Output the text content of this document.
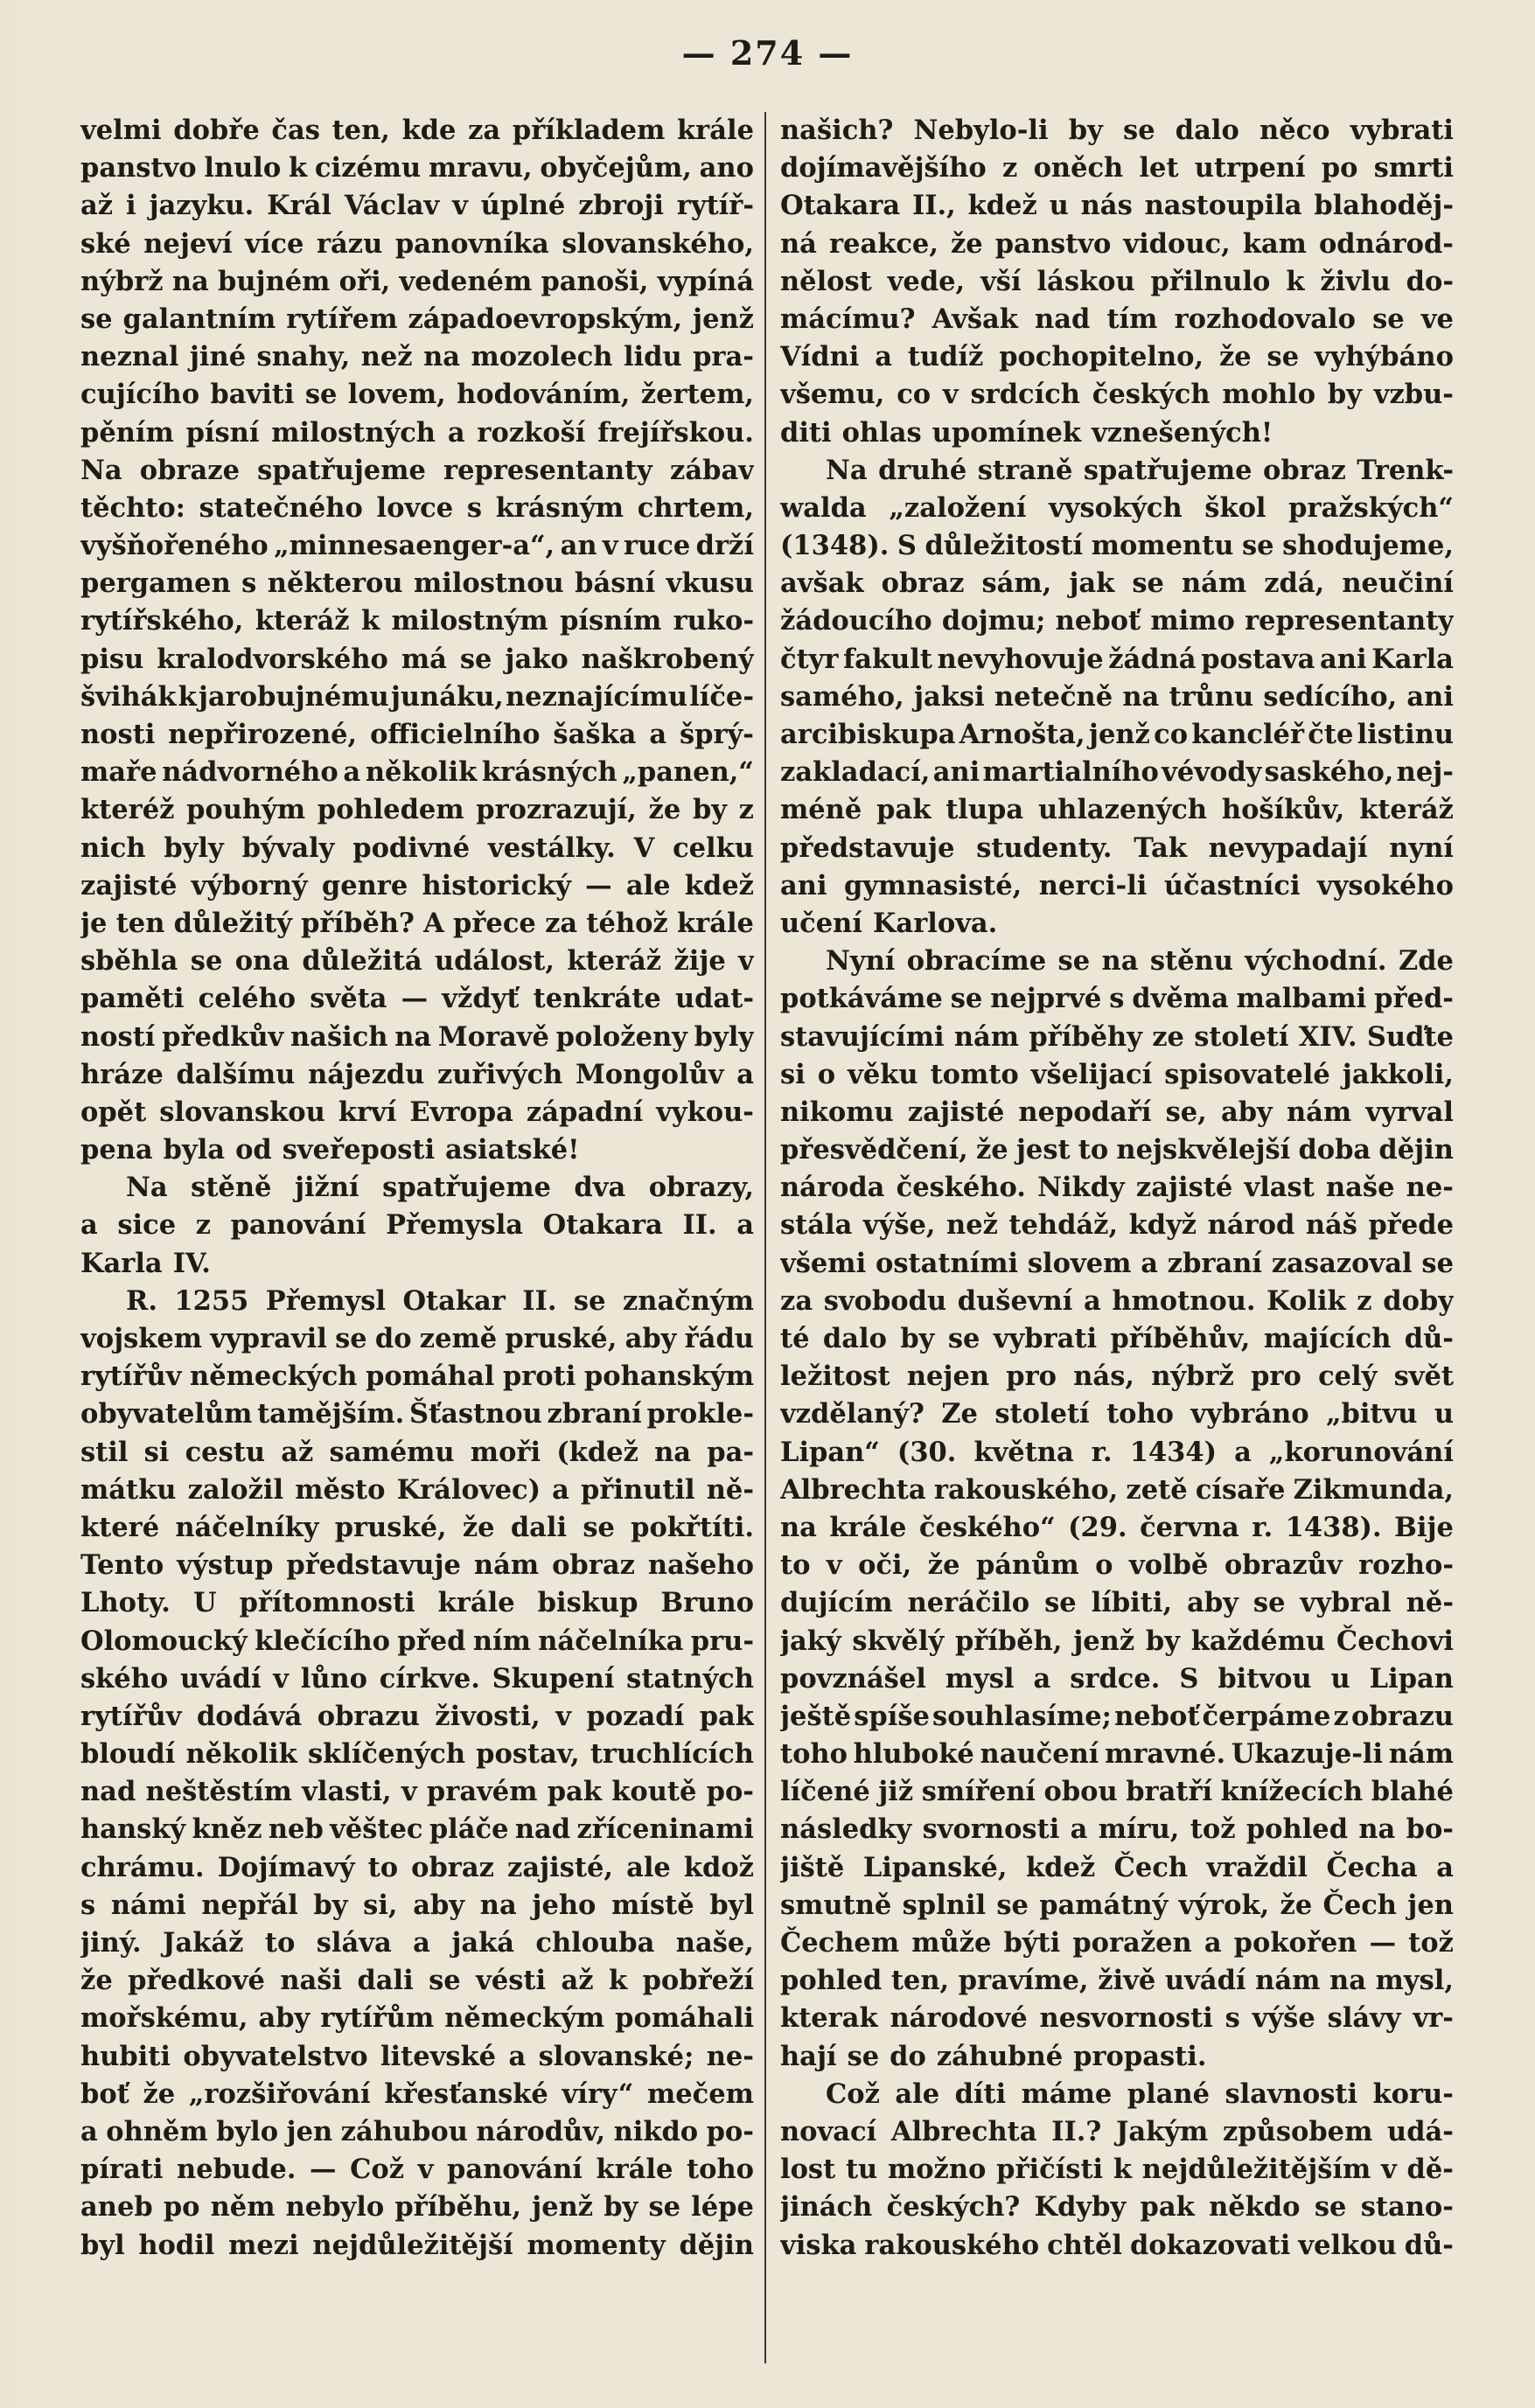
— 274 —
velmi dobře čas ten, kde za příkladem krále
panstvo lnulo k cizému mravu, obyčejům, ano
až i jazyku. Král Václav v úplné zbroji rytíř-
ské nejeví více rázu panovníka slovanského,
nýbrž na bujném oři, vedeném panoši, vypíná
se galantním rytířem západoevropským, jenž
neznal jiné snahy, než na mozolech lidu pra-
cujícího baviti se lovem, hodováním, žertem,
pěním písní milostných a rozkoší frejířskou.
Na obraze spatřujeme representanty zábav
těchto: statečného lovce s krásným chrtem,
vyšňořeného „minnesaenger-a“, an v ruce drží
pergamen s některou milostnou básní vkusu
rytířského, kteráž k milostným písním ruko-
pisu kralodvorského má se jako naškrobený
švihák k jarobujnému junáku, neznajícímu líče-
nosti nepřirozené, officielního šaška a šprý-
maře nádvorného a několik krásných „panen,“
kteréž pouhým pohledem prozrazují, že by z
nich byly bývaly podivné vestálky. V celku
zajisté výborný genre historický — ale kdež
je ten důležitý příběh? A přece za téhož krále
sběhla se ona důležitá událost, kteráž žije v
paměti celého světa — vždyť tenkráte udat-
ností předkův našich na Moravě položeny byly
hráze dalšímu nájezdu zuřivých Mongolův a
opět slovanskou krví Evropa západní vykou-
pena byla od sveřeposti asiatské!
Na stěně jižní spatřujeme dva obrazy,
a sice z panování Přemysla Otakara II. a
Karla IV.
R. 1255 Přemysl Otakar II. se značným
vojskem vypravil se do země pruské, aby řádu
rytířův německých pomáhal proti pohanským
obyvatelům tamějším. Šťastnou zbraní prokle-
stil si cestu až samému moři (kdež na pa-
mátku založil město Královec) a přinutil ně-
které náčelníky pruské, že dali se pokřtíti.
Tento výstup představuje nám obraz našeho
Lhoty. U přítomnosti krále biskup Bruno
Olomoucký klečícího před ním náčelníka pru-
ského uvádí v lůno církve. Skupení statných
rytířův dodává obrazu živosti, v pozadí pak
bloudí několik sklíčených postav, truchlících
nad neštěstím vlasti, v pravém pak koutě po-
hanský kněz neb věštec pláče nad zříceninami
chrámu. Dojímavý to obraz zajisté, ale kdož
s námi nepřál by si, aby na jeho místě byl
jiný. Jakáž to sláva a jaká chlouba naše,
že předkové naši dali se vésti až k pobřeží
mořskému, aby rytířům německým pomáhali
hubiti obyvatelstvo litevské a slovanské; ne-
boť že „rozšiřování křesťanské víry“ mečem
a ohněm bylo jen záhubou národův, nikdo po-
pírati nebude. — Což v panování krále toho
aneb po něm nebylo příběhu, jenž by se lépe
byl hodil mezi nejdůležitější momenty dějin
našich? Nebylo-li by se dalo něco vybrati
dojímavějšího z oněch let utrpení po smrti
Otakara II., kdež u nás nastoupila blahoděj-
ná reakce, že panstvo vidouc, kam odnárod-
nělost vede, vší láskou přilnulo k živlu do-
mácímu? Avšak nad tím rozhodovalo se ve
Vídni a tudíž pochopitelno, že se vyhýbáno
všemu, co v srdcích českých mohlo by vzbu-
diti ohlas upomínek vznešených!
Na druhé straně spatřujeme obraz Trenk-
walda „založení vysokých škol pražských“
(1348). S důležitostí momentu se shodujeme,
avšak obraz sám, jak se nám zdá, neučiní
žádoucího dojmu; neboť mimo representanty
čtyr fakult nevyhovuje žádná postava ani Karla
samého, jaksi netečně na trůnu sedícího, ani
arcibiskupa Arnošta, jenž co kancléř čte listinu
zakladací, ani martialního vévody saského, nej-
méně pak tlupa uhlazených hošíkův, kteráž
představuje studenty. Tak nevypadají nyní
ani gymnasisté, nerci-li účastníci vysokého
učení Karlova.
Nyní obracíme se na stěnu východní. Zde
potkáváme se nejprvé s dvěma malbami před-
stavujícími nám příběhy ze století XIV. Suďte
si o věku tomto všelijací spisovatelé jakkoli,
nikomu zajisté nepodaří se, aby nám vyrval
přesvědčení, že jest to nejskvělejší doba dějin
národa českého. Nikdy zajisté vlast naše ne-
stála výše, než tehdáž, když národ náš přede
všemi ostatními slovem a zbraní zasazoval se
za svobodu duševní a hmotnou. Kolik z doby
té dalo by se vybrati příběhův, majících dů-
ležitost nejen pro nás, nýbrž pro celý svět
vzdělaný? Ze století toho vybráno „bitvu u
Lipan“ (30. května r. 1434) a „korunování
Albrechta rakouského, zetě císaře Zikmunda,
na krále českého“ (29. června r. 1438). Bije
to v oči, že pánům o volbě obrazův rozho-
dujícím neráčilo se líbiti, aby se vybral ně-
jaký skvělý příběh, jenž by každému Čechovi
povznášel mysl a srdce. S bitvou u Lipan
ještě spíše souhlasíme; neboť čerpáme z obrazu
toho hluboké naučení mravné. Ukazuje-li nám
líčené již smíření obou bratří knížecích blahé
následky svornosti a míru, tož pohled na bo-
jiště Lipanské, kdež Čech vraždil Čecha a
smutně splnil se památný výrok, že Čech jen
Čechem může býti poražen a pokořen — tož
pohled ten, pravíme, živě uvádí nám na mysl,
kterak národové nesvornosti s výše slávy vr-
hají se do záhubné propasti.
Což ale díti máme plané slavnosti koru-
novací Albrechta II.? Jakým způsobem udá-
lost tu možno přičísti k nejdůležitějším v dě-
jinách českých? Kdyby pak někdo se stano-
viska rakouského chtěl dokazovati velkou dů-
